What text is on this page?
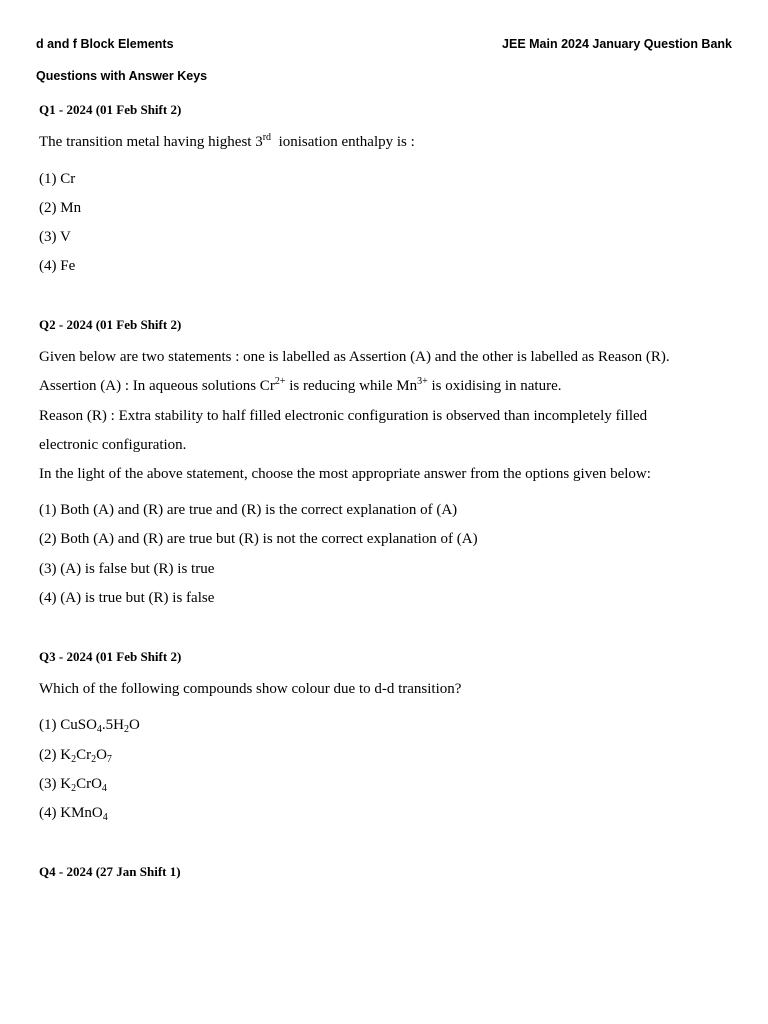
d and f Block Elements	JEE Main 2024 January Question Bank
Questions with Answer Keys
Q1 - 2024 (01 Feb Shift 2)
The transition metal having highest 3rd  ionisation enthalpy is :
(1) Cr
(2) Mn
(3) V
(4) Fe
Q2 - 2024 (01 Feb Shift 2)
Given below are two statements : one is labelled as Assertion (A) and the other is labelled as Reason (R).
Assertion (A) : In aqueous solutions $Cr^{2+}$ is reducing while $Mn^{3+}$ is oxidising in nature.
Reason (R) : Extra stability to half filled electronic configuration is observed than incompletely filled
electronic configuration.
In the light of the above statement, choose the most appropriate answer from the options given below:
(1) Both (A) and (R) are true and (R) is the correct explanation of (A)
(2) Both (A) and (R) are true but (R) is not the correct explanation of (A)
(3) (A) is false but (R) is true
(4) (A) is true but (R) is false
Q3 - 2024 (01 Feb Shift 2)
Which of the following compounds show colour due to d-d transition?
(1) $CuSO_4.5H_2O$
(2) $K_2Cr_2O_7$
(3) $K_2CrO_4$
(4) KMnO$_4$
Q4 - 2024 (27 Jan Shift 1)
